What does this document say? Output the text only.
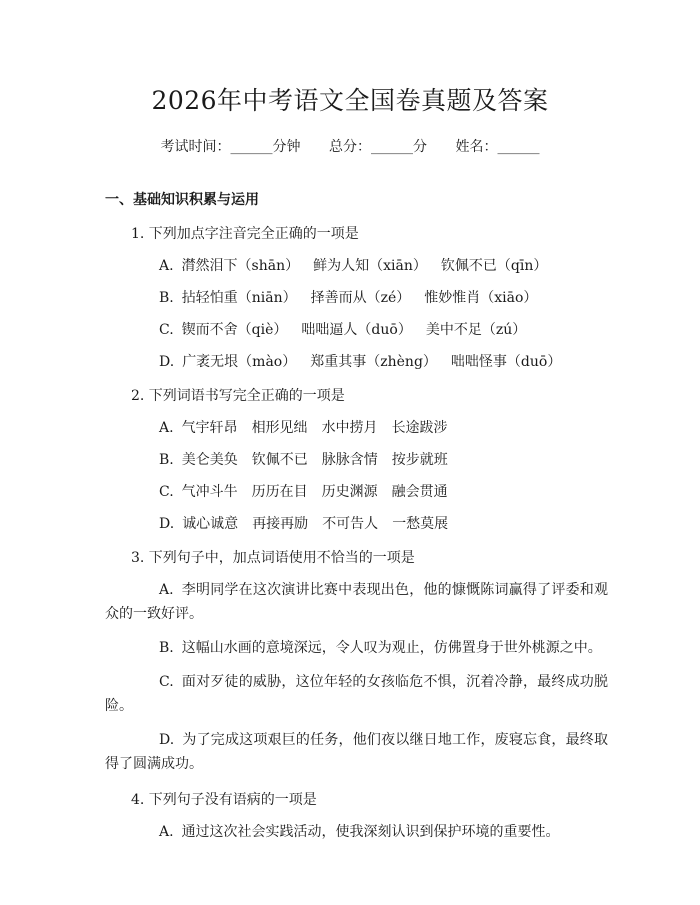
2026年中考语文全国卷真题及答案
考试时间：______分钟 总分：______分 姓名：______
一、基础知识积累与运用
1. 下列加点字注音完全正确的一项是
A. 潸然泪下（shān） 鲜为人知（xiān） 钦佩不已（qīn）
B. 拈轻怕重（niān） 择善而从（zé） 惟妙惟肖（xiāo）
C. 锲而不舍（qiè） 咄咄逼人（duō） 美中不足（zú）
D. 广袤无垠（mào） 郑重其事（zhèng） 咄咄怪事（duō）
2. 下列词语书写完全正确的一项是
A. 气宇轩昂 相形见绌 水中捞月 长途跋涉
B. 美仑美奂 钦佩不已 脉脉含情 按步就班
C. 气冲斗牛 历历在目 历史渊源 融会贯通
D. 诚心诚意 再接再励 不可告人 一愁莫展
3. 下列句子中，加点词语使用不恰当的一项是
A. 李明同学在这次演讲比赛中表现出色，他的慷慨陈词赢得了评委和观众的一致好评。
B. 这幅山水画的意境深远，令人叹为观止，仿佛置身于世外桃源之中。
C. 面对歹徒的威胁，这位年轻的女孩临危不惧，沉着冷静，最终成功脱险。
D. 为了完成这项艰巨的任务，他们夜以继日地工作，废寝忘食，最终取得了圆满成功。
4. 下列句子没有语病的一项是
A. 通过这次社会实践活动，使我深刻认识到保护环境的重要性。
